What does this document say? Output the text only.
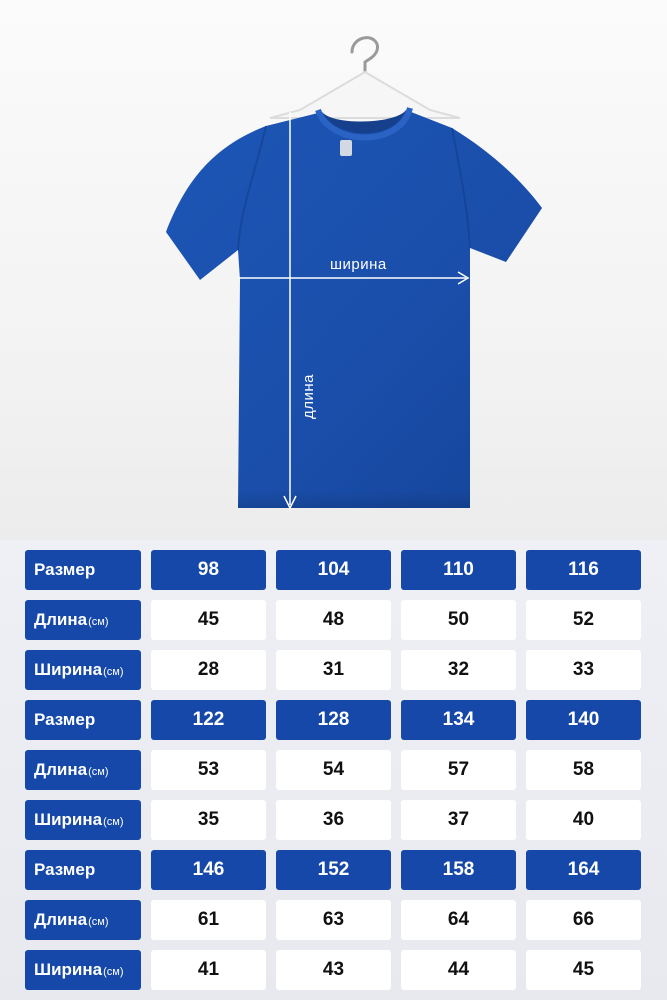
ширина
длина
Размер	98	104	110	116
Длина (см)	45	48	50	52
Ширина (см)	28	31	32	33
Размер	122	128	134	140
Длина (см)	53	54	57	58
Ширина (см)	35	36	37	40
Размер	146	152	158	164
Длина (см)	61	63	64	66
Ширина (см)	41	43	44	45
